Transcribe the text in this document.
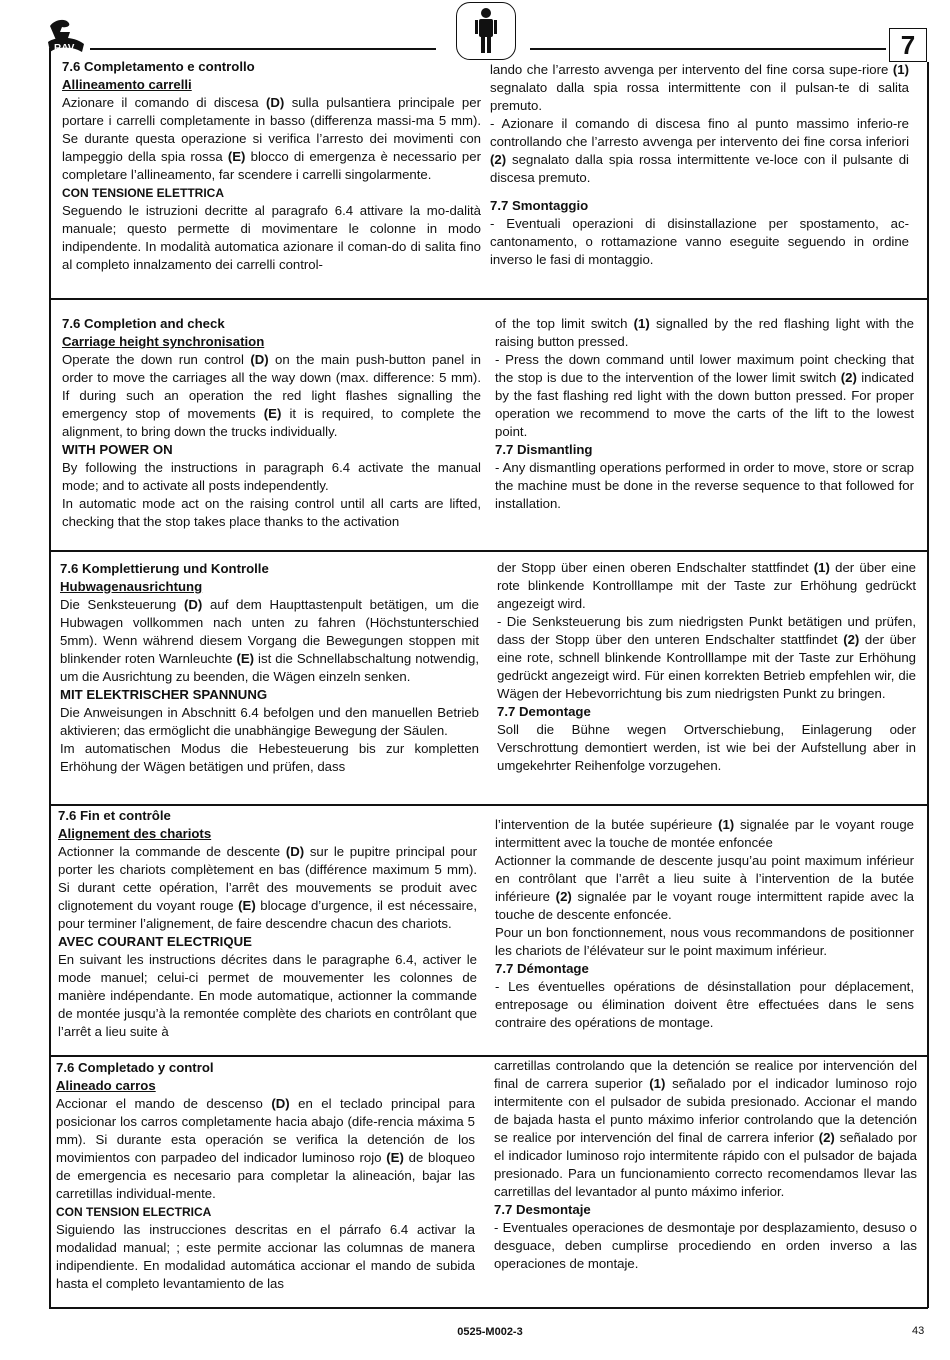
RAV	7

7.6 Completamento e controllo

Allineamento carrelli

Azionare il comando di discesa (D) sulla pulsantiera principale per portare i carrelli completamente in basso (differenza massi-ma 5 mm). Se durante questa operazione si verifica l’arresto dei movimenti con lampeggio della spia rossa (E) blocco di emergenza è necessario per completare l’allineamento, far scendere i carrelli singolarmente.

CON TENSIONE ELETTRICA

Seguendo le istruzioni decritte al paragrafo 6.4 attivare la mo-dalità manuale; questo permette di movimentare le colonne in modo indipendente. In modalità automatica azionare il coman-do di salita fino al completo innalzamento dei carrelli control-

lando che l’arresto avvenga per intervento del fine corsa supe-riore (1) segnalato dalla spia rossa intermittente con il pulsan-te di salita premuto.

- Azionare il comando di discesa fino al punto massimo inferio-re controllando che l’arresto avvenga per intervento dei fine corsa inferiori (2) segnalato dalla spia rossa intermittente ve-loce con il pulsante di discesa premuto.

7.7 Smontaggio

- Eventuali operazioni di disinstallazione per spostamento, ac-cantonamento, o rottamazione vanno eseguite seguendo in ordine inverso le fasi di montaggio.

7.6 Completion and check

Carriage height synchronisation

Operate the down run control (D) on the main push-button panel in order to move the carriages all the way down (max. difference: 5 mm). If during such an operation the red light flashes signalling the emergency stop of movements (E) it is required, to complete the alignment, to bring down the trucks individually.

WITH POWER ON

By following the instructions in paragraph 6.4 activate the manual mode; and to activate all posts independently.

In automatic mode act on the raising control until all carts are lifted, checking that the stop takes place thanks to the activation

of the top limit switch (1) signalled by the red flashing light with the raising button pressed.

- Press the down command until lower maximum point checking that the stop is due to the intervention of the lower limit switch (2) indicated by the fast flashing red light with the down button pressed. For proper operation we recommend to move the carts of the lift to the lowest point.

7.7 Dismantling

- Any dismantling operations performed in order to move, store or scrap the machine must be done in the reverse sequence to that followed for installation.

7.6 Komplettierung und Kontrolle

Hubwagenausrichtung

Die Senksteuerung (D) auf dem Haupttastenpult betätigen, um die Hubwagen vollkommen nach unten zu fahren (Höchstunterschied 5mm). Wenn während diesem Vorgang die Bewegungen stoppen mit blinkender roten Warnleuchte (E) ist die Schnellabschaltung notwendig, um die Ausrichtung zu beenden, die Wägen einzeln senken.

MIT ELEKTRISCHER SPANNUNG

Die Anweisungen in Abschnitt 6.4 befolgen und den manuellen Betrieb aktivieren; das ermöglicht die unabhängige Bewegung der Säulen.

Im automatischen Modus die Hebesteuerung bis zur kompletten Erhöhung der Wägen betätigen und prüfen, dass

der Stopp über einen oberen Endschalter stattfindet (1) der über eine rote blinkende Kontrolllampe mit der Taste zur Erhöhung gedrückt angezeigt wird.

- Die Senksteuerung bis zum niedrigsten Punkt betätigen und prüfen, dass der Stopp über den unteren Endschalter stattfindet (2) der über eine rote, schnell blinkende Kontrolllampe mit der Taste zur Erhöhung gedrückt angezeigt wird. Für einen korrekten Betrieb empfehlen wir, die Wägen der Hebevorrichtung bis zum niedrigsten Punkt zu bringen.

7.7 Demontage

Soll die Bühne wegen Ortverschiebung, Einlagerung oder Verschrottung demontiert werden, ist wie bei der Aufstellung aber in umgekehrter Reihenfolge vorzugehen.

7.6 Fin et contrôle

Alignement des chariots

Actionner la commande de descente (D) sur le pupitre principal pour porter les chariots complètement en bas (différence maximum 5 mm). Si durant cette opération, l’arrêt des mouvements se produit avec clignotement du voyant rouge (E) blocage d’urgence, il est nécessaire, pour terminer l’alignement, de faire descendre chacun des chariots.

AVEC COURANT ELECTRIQUE

En suivant les instructions décrites dans le paragraphe 6.4, activer le mode manuel; celui-ci permet de mouvementer les colonnes de manière indépendante. En mode automatique, actionner la commande de montée jusqu’à la remontée complète des chariots en contrôlant que l’arrêt a lieu suite à

l’intervention de la butée supérieure (1) signalée par le voyant rouge intermittent avec la touche de montée enfoncée

Actionner la commande de descente jusqu’au point maximum inférieur en contrôlant que l’arrêt a lieu suite à l’intervention de la butée inférieure (2) signalée par le voyant rouge intermittent rapide avec la touche de descente enfoncée.

Pour un bon fonctionnement, nous vous recommandons de positionner les chariots de l’élévateur sur le point maximum inférieur.

7.7 Démontage

- Les éventuelles opérations de désinstallation pour déplacement, entreposage ou élimination doivent être effectuées dans le sens contraire des opérations de montage.

7.6 Completado y control

Alineado carros

Accionar el mando de descenso (D) en el teclado principal para posicionar los carros completamente hacia abajo (dife-rencia máxima 5 mm). Si durante esta operación se verifica la detención de los movimientos con parpadeo del indicador luminoso rojo (E) de bloqueo de emergencia es necesario para completar la alineación, bajar las carretillas individual-mente.

CON TENSION ELECTRICA

Siguiendo las instrucciones descritas en el párrafo 6.4 activar la modalidad manual; ; este permite accionar las columnas de manera indipendiente. En modalidad automática accionar el mando de subida hasta el completo levantamiento de las

carretillas controlando que la detención se realice por intervención del final de carrera superior (1) señalado por el indicador luminoso rojo intermitente con el pulsador de subida presionado. Accionar el mando de bajada hasta el punto máximo inferior controlando que la detención se realice por intervención del final de carrera inferior (2) señalado por el indicador luminoso rojo intermitente rápido con el pulsador de bajada presionado. Para un funcionamiento correcto recomendamos llevar las carretillas del levantador al punto máximo inferior.

7.7 Desmontaje

- Eventuales operaciones de desmontaje por desplazamiento, desuso o desguace, deben cumplirse procediendo en orden inverso a las operaciones de montaje.

0525-M002-3	43
